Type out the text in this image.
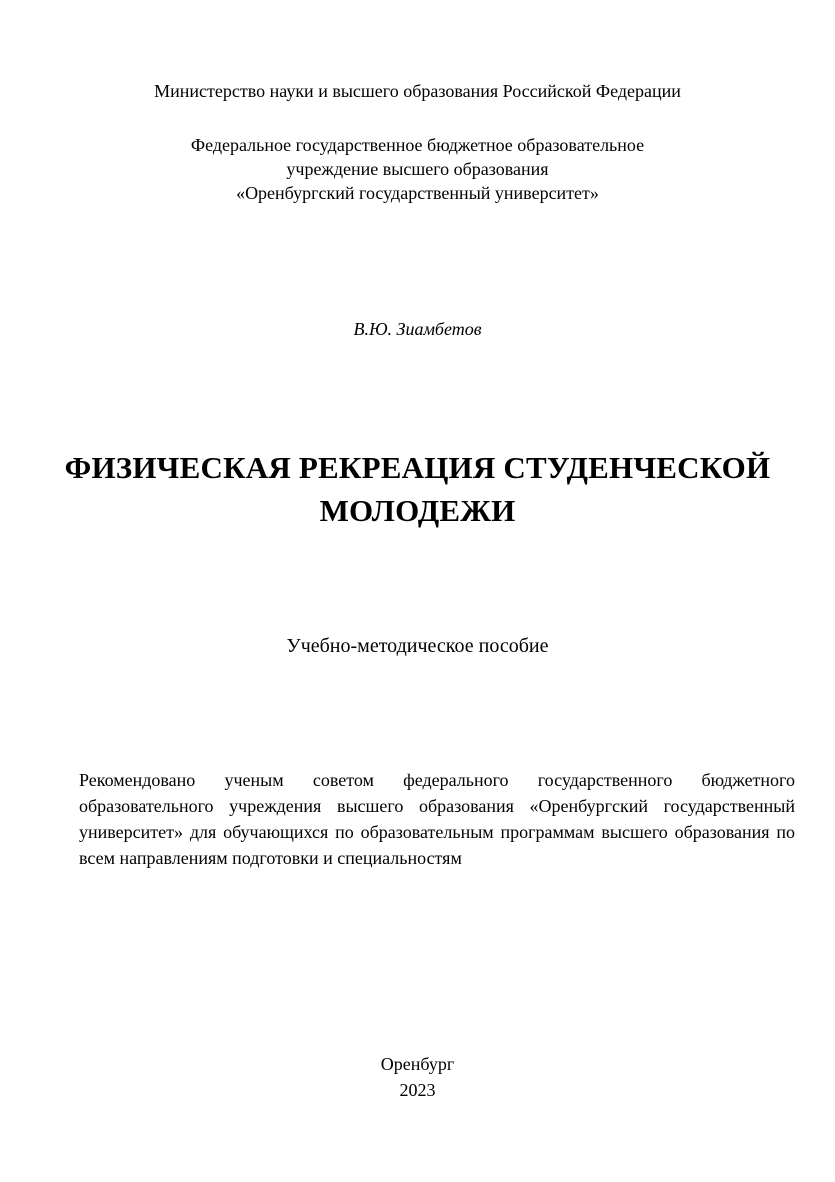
Министерство науки и высшего образования Российской Федерации
Федеральное государственное бюджетное образовательное
учреждение высшего образования
«Оренбургский государственный университет»
В.Ю. Зиамбетов
ФИЗИЧЕСКАЯ РЕКРЕАЦИЯ СТУДЕНЧЕСКОЙ
МОЛОДЕЖИ
Учебно-методическое пособие
Рекомендовано ученым советом федерального государственного бюджетного образовательного учреждения высшего образования «Оренбургский государственный университет» для обучающихся по образовательным программам высшего образования по всем направлениям подготовки и специальностям
Оренбург
2023
